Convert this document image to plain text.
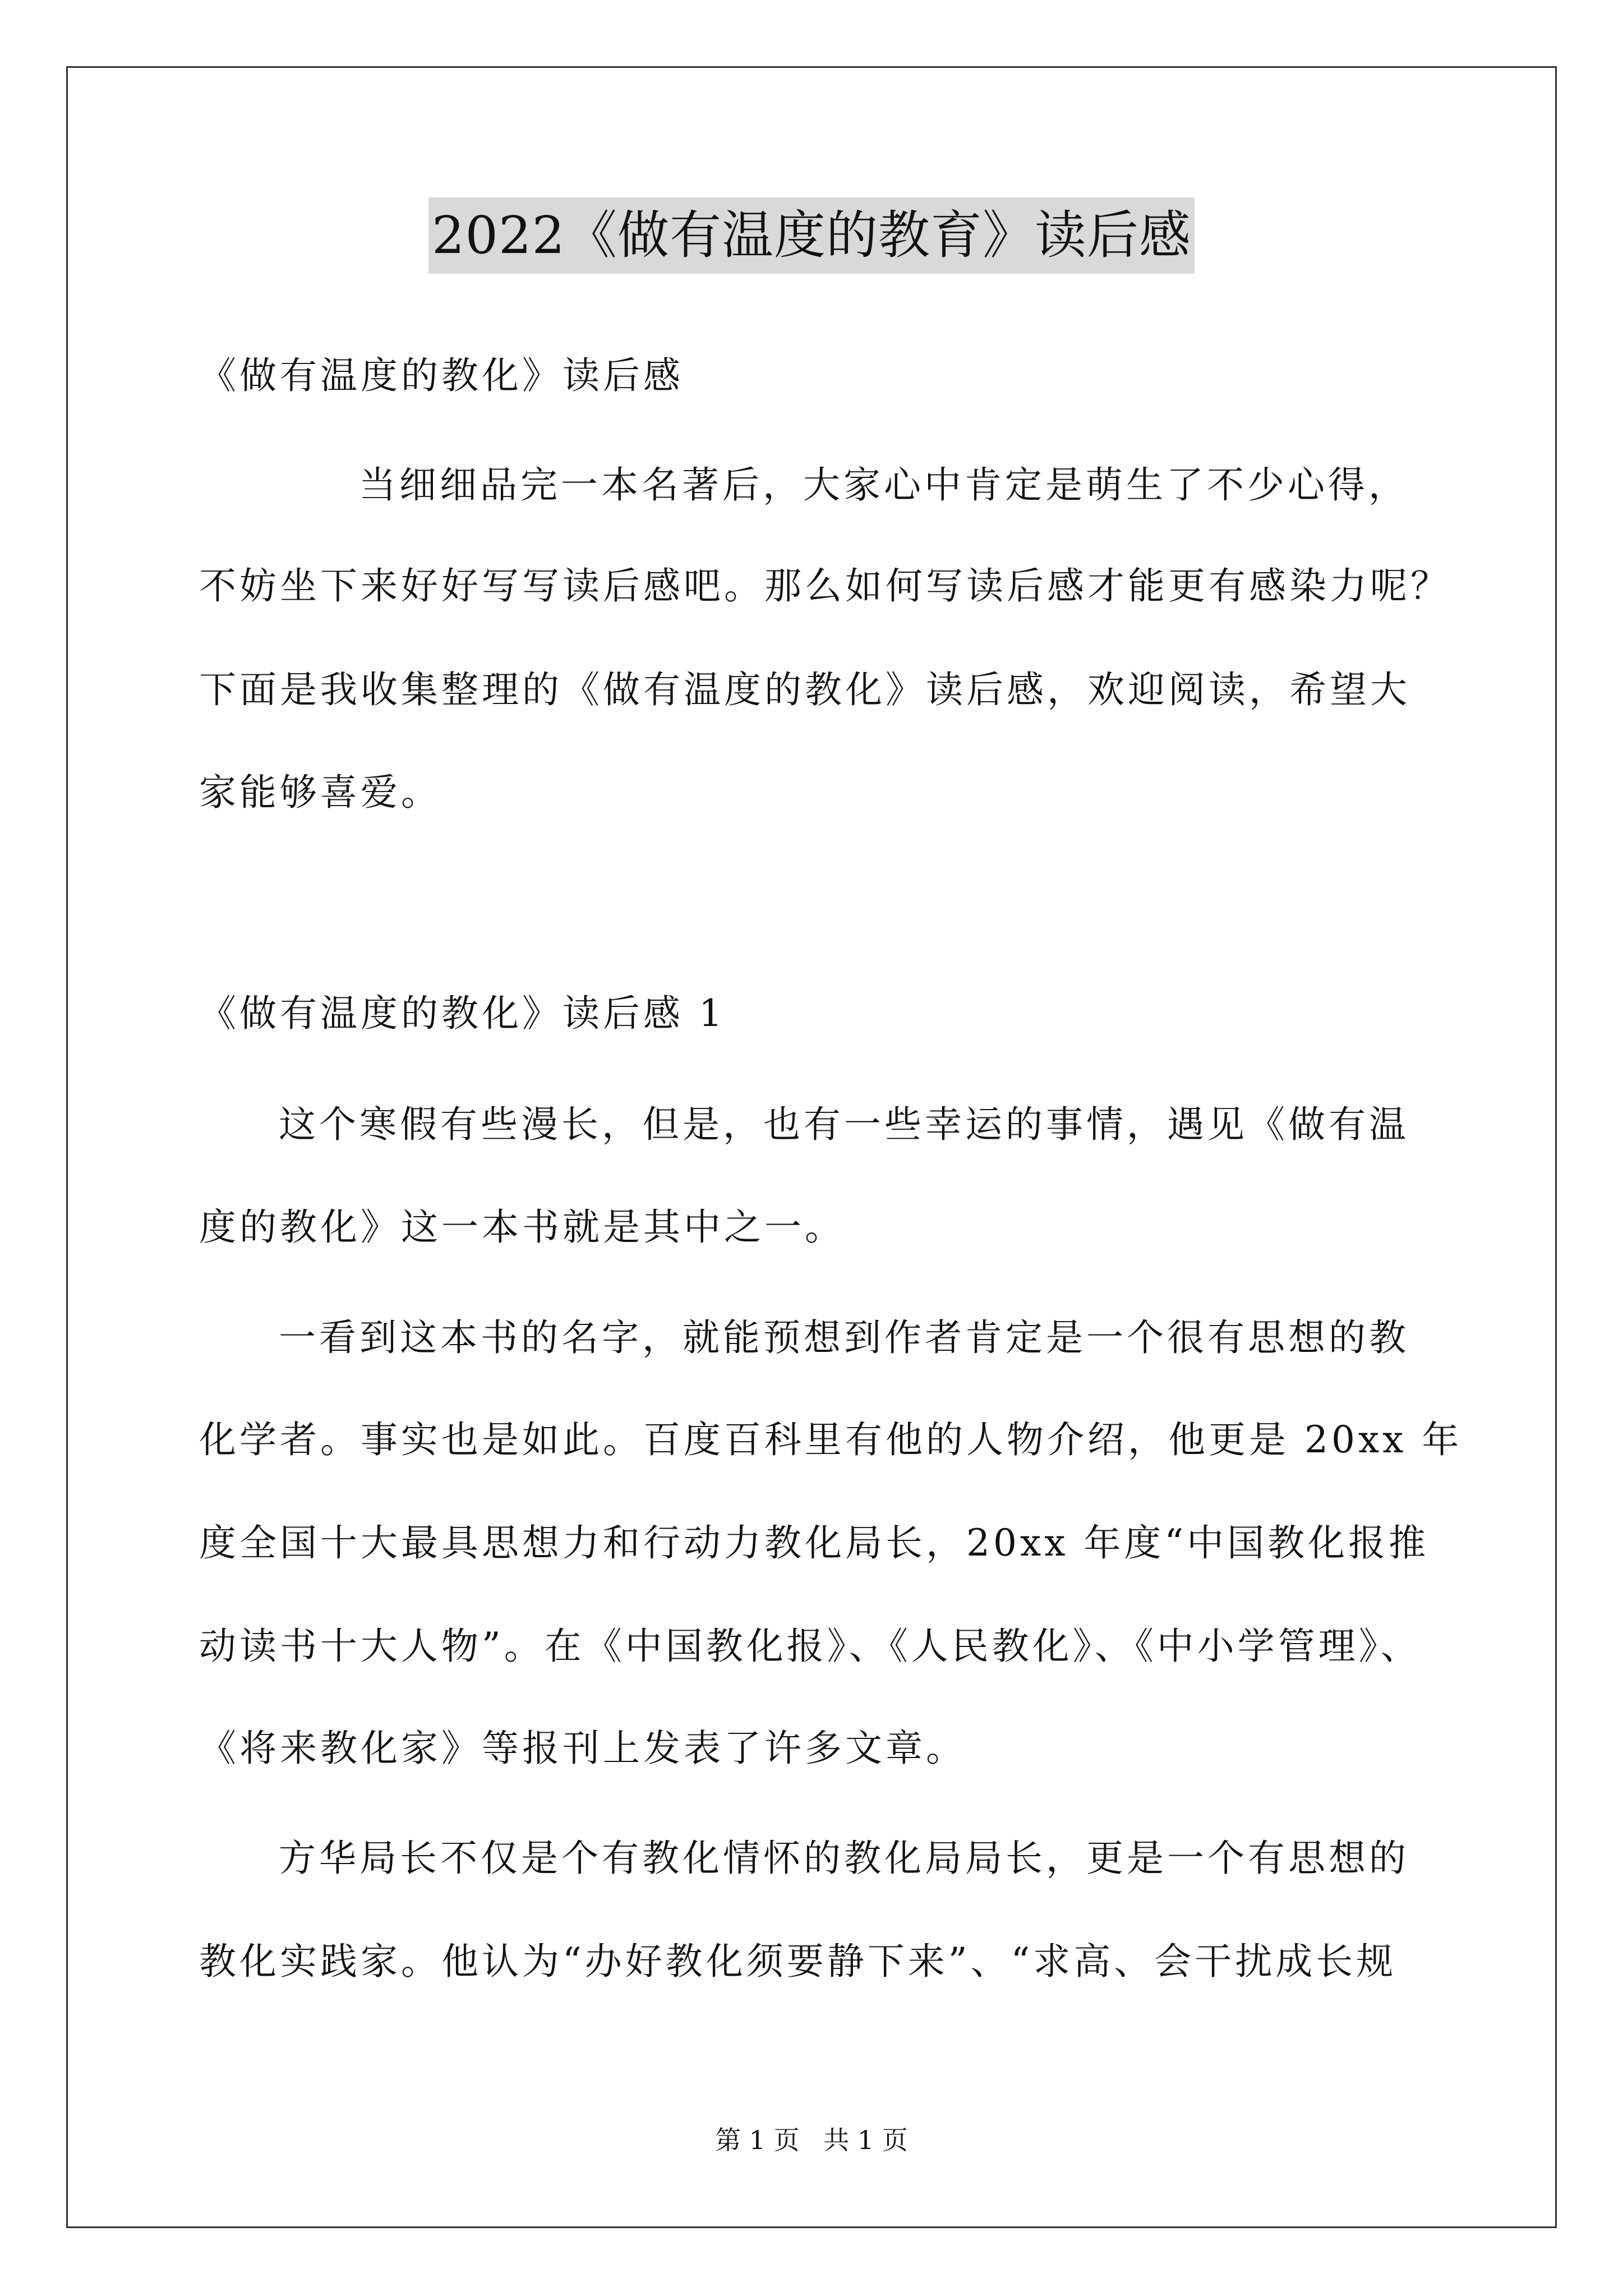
2022《做有温度的教育》读后感
《做有温度的教化》读后感
当细细品完一本名著后，大家心中肯定是萌生了不少心得，
不妨坐下来好好写写读后感吧。那么如何写读后感才能更有感染力呢？
下面是我收集整理的《做有温度的教化》读后感，欢迎阅读，希望大
家能够喜爱。
《做有温度的教化》读后感 1
这个寒假有些漫长，但是，也有一些幸运的事情，遇见《做有温
度的教化》这一本书就是其中之一。
一看到这本书的名字，就能预想到作者肯定是一个很有思想的教
化学者。事实也是如此。百度百科里有他的人物介绍，他更是 20xx 年
度全国十大最具思想力和行动力教化局长，20xx 年度“中国教化报推
动读书十大人物”。在《中国教化报》、《人民教化》、《中小学管理》、
《将来教化家》等报刊上发表了许多文章。
方华局长不仅是个有教化情怀的教化局局长，更是一个有思想的
教化实践家。他认为“办好教化须要静下来”、“求高、会干扰成长规
第 1 页 共 1 页
